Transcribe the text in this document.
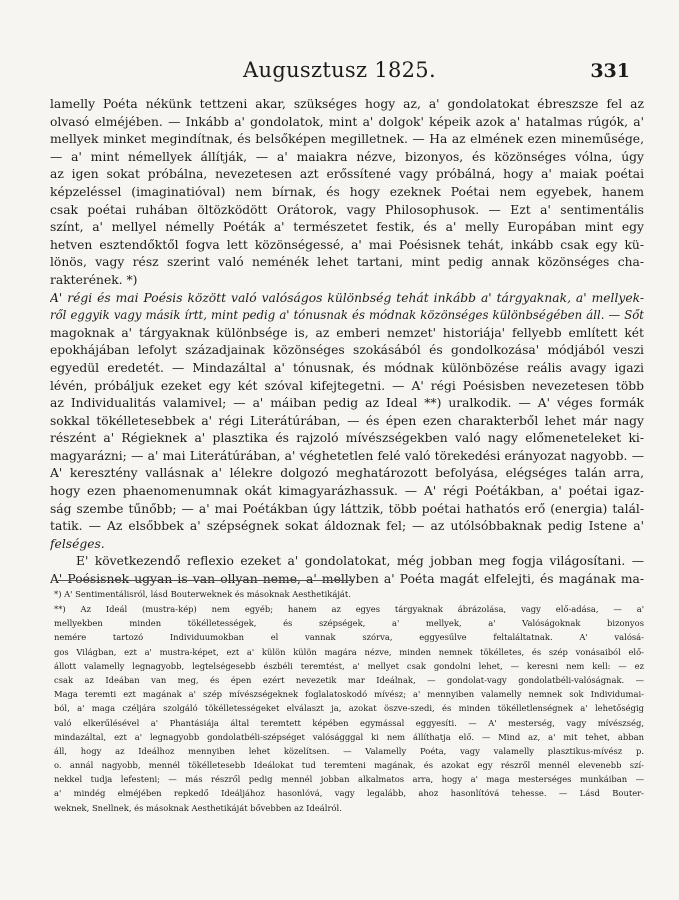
Augusztusz 1825.	331
lamelly Poéta nékünk tettzeni akar, szükséges hogy az, a' gondolatokat ébreszsze fel az
olvasó elméjében. — Inkább a' gondolatok, mint a' dolgok' képeik azok a' hatalmas rúgók, a'
mellyek minket megindítnak, és belsőképen megilletnek. — Ha az elmének ezen mineműsége,
— a' mint némellyek állítják, — a' maiakra nézve, bizonyos, és közönséges vólna, úgy
az igen sokat próbálna, nevezetesen azt erőssítené vagy próbálná, hogy a' maiak poétai
képzeléssel (imaginatióval) nem bírnak, és hogy ezeknek Poétai nem egyebek, hanem
csak poétai ruhában öltözködött Orátorok, vagy Philosophusok. — Ezt a' sentimentális
színt, a' mellyel némelly Poéták a' természetet festik, és a' melly Europában mint egy
hetven esztendőktől fogva lett közönségessé, a' mai Poésisnek tehát, inkább csak egy kü-
lönös, vagy rész szerint való neménék lehet tartani, mint pedig annak közönséges cha-
rakterének. *)
A' régi és mai Poésis között való valóságos különbség tehát inkább a' tárgyaknak, a' mellyek-
ről eggyik vagy másik írtt, mint pedig a' tónusnak és módnak közönséges különbségében áll. — Sőt
magoknak a' tárgyaknak különbsége is, az emberi nemzet' historiája' fellyebb említett két
epokhájában lefolyt századjainak közönséges szokásából és gondolkozása' módjából veszi
egyedül eredetét. — Mindazáltal a' tónusnak, és módnak különbözése reális avagy igazi
lévén, próbáljuk ezeket egy két szóval kifejtegetni. — A' régi Poésisben nevezetesen több
az Individualitás valamivel; — a' máiban pedig az Ideal **) uralkodik. — A' véges formák
sokkal tökélletesebbek a' régi Literátúrában, — és épen ezen charakterből lehet már nagy
részént a' Régieknek a' plasztika és rajzoló mívészségekben való nagy előmeneteleket ki-
magyarázni; — a' mai Literátúrában, a' véghetetlen felé való törekedési erányozat nagyobb. —
A' keresztény vallásnak a' lélekre dolgozó meghatározott befolyása, elégséges talán arra,
hogy ezen phaenomenumnak okát kimagyarázhassuk. — A' régi Poétákban, a' poétai igaz-
ság szembe tűnőbb; — a' mai Poétákban úgy láttzik, több poétai hathatós erő (energia) talál-
tatik. — Az elsőbbek a' szépségnek sokat áldoznak fel; — az utólsóbbaknak pedig Istene a'
felséges.
E' következendő reflexio ezeket a' gondolatokat, még jobban meg fogja világosítani. —
A' Poésisnek ugyan is van ollyan neme, a' mellyben a' Poéta magát elfelejti, és magának ma-
*) A' Sentimentálisról, lásd Bouterweknek és másoknak Aesthetikáját.
**) Az Ideál (mustra-kép) nem egyéb; hanem az egyes tárgyaknak ábrázolása, vagy elő-adása, — a'
mellyekben minden tökélletességek, és szépségek, a' mellyek, a' Valóságoknak bizonyos
nemére tartozó Individuumokban el vannak szórva, eggyesűlve feltaláltatnak. A' valósá-
gos Világban, ezt a' mustra-képet, ezt a' külön külön magára nézve, minden nemnek tökélletes, és szép vonásaiból elő-
állott valamelly legnagyobb, legtelségesebb észbéli teremtést, a' mellyet csak gondolni lehet, — keresni nem kell: — ez
csak az Ideában van meg, és épen ezért nevezetik mar Ideálnak, — gondolat-vagy gondolatbéli-valóságnak. —
Maga teremti ezt magának a' szép mívészségeknek foglalatoskodó mívész; a' mennyiben valamelly nemnek sok Individumai-
ból, a' maga czéljára szolgáló tökélletességeket elválaszt ja, azokat öszve-szedi, és minden tökélletlenségnek a' lehetőségig
való elkerűlésével a' Phantásiája által teremtett képében egymással eggyesíti. — A' mesterség, vagy mívészség,
mindazáltal, ezt a' legnagyobb gondolatbéli-szépséget valóságggal ki nem állíthatja elő. — Mind az, a' mit tehet, abban
áll, hogy az Ideálhoz mennyiben lehet közelítsen. — Valamelly Poéta, vagy valamelly plasztikus-mívész p.
o. annál nagyobb, mennél tökélletesebb Ideálokat tud teremteni magának, és azokat egy részről mennél elevenebb szí-
nekkel tudja lefesteni; — más részről pedig mennél jobban alkalmatos arra, hogy a' maga mesterséges munkáiban —
a' mindég elméjében repkedő Ideáljához hasonlóvá, vagy legalább, ahoz hasonlítóvá tehesse. — Lásd Bouter-
weknek, Snellnek, és másoknak Aesthetikáját bővebben az Ideálról.
